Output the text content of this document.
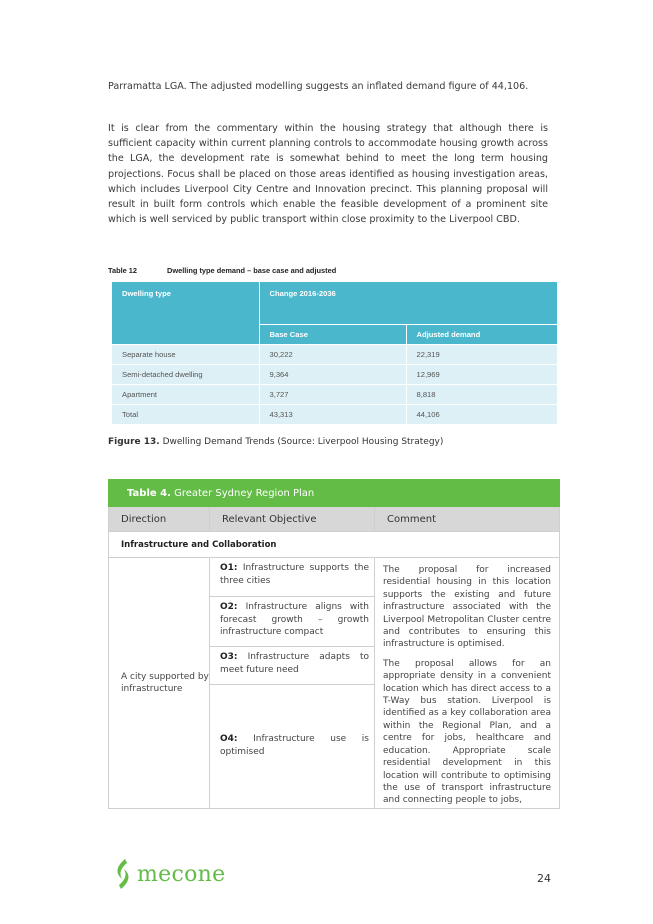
Parramatta LGA. The adjusted modelling suggests an inflated demand figure of 44,106.

It is clear from the commentary within the housing strategy that although there is sufficient capacity within current planning controls to accommodate housing growth across the LGA, the development rate is somewhat behind to meet the long term housing projections. Focus shall be placed on those areas identified as housing investigation areas, which includes Liverpool City Centre and Innovation precinct. This planning proposal will result in built form controls which enable the feasible development of a prominent site which is well serviced by public transport within close proximity to the Liverpool CBD.

Table 12	Dwelling type demand – base case and adjusted
Dwelling type	Change 2016-2036	
	Base Case	Adjusted demand
Separate house	30,222	22,319
Semi-detached dwelling	9,364	12,969
Apartment	3,727	8,818
Total	43,313	44,106
Figure 13. Dwelling Demand Trends (Source: Liverpool Housing Strategy)
Table 4. Greater Sydney Region Plan		
Direction	Relevant Objective	Comment
Infrastructure and Collaboration		
A city supported by infrastructure	O1: Infrastructure supports the three cities	The proposal for increased residential housing in this location supports the existing and future infrastructure associated with the Liverpool Metropolitan Cluster centre and contributes to ensuring this infrastructure is optimised.

The proposal allows for an appropriate density in a convenient location which has direct access to a T-Way bus station. Liverpool is identified as a key collaboration area within the Regional Plan, and a centre for jobs, healthcare and education. Appropriate scale residential development in this location will contribute to optimising the use of transport infrastructure and connecting people to jobs,

	O2: Infrastructure aligns with forecast growth – growth infrastructure compact	
	O3: Infrastructure adapts to meet future need	
	O4: Infrastructure use is optimised	
mecone	24
